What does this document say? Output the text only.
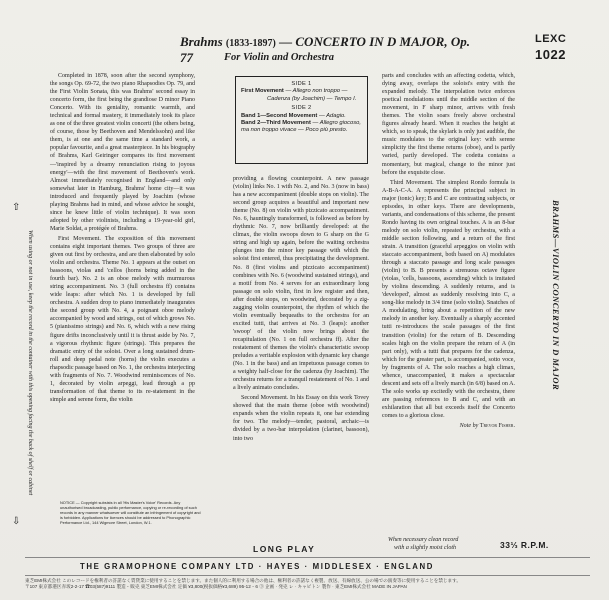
Brahms (1833-1897) — CONCERTO IN D MAJOR, Op. 77	For Violin and Orchestra
LEXC
1022
SIDE 1
First Movement — Allegro non troppo —
Cadenza (by Joachim) — Tempo I.
SIDE 2
Band 1—Second Movement — Adagio.
Band 2—Third Movement — Allegro giocoso, ma non troppo vivace — Poco più presto.

Completed in 1878, soon after the second symphony, the songs Op. 69-72, the two piano Rhapsodies Op. 79, and the First Violin Sonata, this was Brahms' second essay in concerto form, the first being the grandiose D minor Piano Concerto. With its geniality, romantic warmth, and technical and formal mastery, it immediately took its place as one of the three greatest violin concerti (the others being, of course, those by Beethoven and Mendelssohn) and like them, is at one and the same time a standard work, a popular favourite, and a great masterpiece. In his biography of Brahms, Karl Geiringer compares its first movement—'inspired by a dreamy renunciation rising to joyous energy'—with the first movement of Beethoven's work. Almost immediately recognised in England—and only somewhat later in Hamburg, Brahms' home city—it was introduced and frequently played by Joachim (whose playing Brahms had in mind, and whose advice he sought, since he knew little of violin technique). It was soon adopted by other violinists, including a 19-year-old girl, Marie Soldat, a protégée of Brahms.

First Movement. The exposition of this movement contains eight important themes. Two groups of three are given out first by orchestra, and are then elaborated by solo violin and orchestra. Theme No. 1 appears at the outset on bassoons, violas and 'cellos (horns being added in the fourth bar). No. 2 is an oboe melody with murmurous string accompaniment. No. 3 (full orchestra ff) contains wide leaps: after which No. 1 is developed by full orchestra. A sudden drop to piano immediately inaugurates the second group with No. 4, a poignant oboe melody accompanied by wood and strings, out of which grows No. 5 (pianissimo strings) and No. 6, which with a new rising figure drifts inconclusively until it is thrust aside by No. 7, a vigorous rhythmic figure (strings). This prepares the dramatic entry of the soloist. Over a long sustained drum-roll and deep pedal note (horns) the violin executes a rhapsodic passage based on No. 1, the orchestra interjecting with fragments of No. 7. Woodwind reminiscences of No. 1, decorated by violin arpeggi, lead through a pp transformation of that theme to its re-statement in the simple and serene form, the violin

providing a flowing counterpoint. A new passage (violin) links No. 1 with No. 2, and No. 3 (now in bass) has a new accompaniment (double stops on violin). The second group acquires a beautiful and important new theme (No. 8) on violin with pizzicato accompaniment. No. 6, hauntingly transformed, is followed as before by rhythmic No. 7, now brilliantly developed: at the climax, the violin swoops down to G sharp on the G string and high up again, before the waiting orchestra plunges into the minor key passage with which the soloist first entered, thus precipitating the development. No. 8 (first violins and pizzicato accompaniment) combines with No. 6 (woodwind sustained strings), and a motif from No. 4 serves for an extraordinary long passage on solo violin, first in low register and then, after double stops, on woodwind, decorated by a zig-zagging violin counterpoint, the rhythm of which the violin eventually bequeaths to the orchestra for an excited tutti, that arrives at No. 3 (leaps): another 'swoop' of the violin now brings about the recapitulation (No. 1 on full orchestra ff). After the restatement of themes the violin's characteristic swoop preludes a veritable explosion with dynamic key change (No. 1 in the bass) and an impetuous passage comes to a weighty half-close for the cadenza (by Joachim). The orchestra returns for a tranquil restatement of No. 1 and a lively animato concludes.

Second Movement. In his Essay on this work Tovey showed that the main theme (oboe with woodwind) expands when the violin repeats it, one bar extending for two. The melody—tender, pastoral, archaic—is divided by a two-bar interpolation (clarinet, bassoon), into two

parts and concludes with an affecting codetta, which, dying away, overlaps the soloist's entry with the expanded melody. The interpolation twice enforces poetical modulations until the middle section of the movement, in F sharp minor, arrives with fresh themes. The violin soars freely above orchestral figures already heard. When it reaches the height at which, so to speak, the skylark is only just audible, the music modulates to the original key: with serene simplicity the first theme returns (oboe), and is partly varied, partly developed. The codetta contains a momentary, but magical, change to the minor just before the exquisite close.

Third Movement. The simplest Rondo formula is A-B-A-C-A. A represents the principal subject in major (tonic) key; B and C are contrasting subjects, or episodes, in other keys. There are developments, variants, and condensations of this scheme, the present Rondo having its own original touches. A is an 8-bar melody on solo violin, repeated by orchestra, with a middle section following, and a return of the first strain. A transition (graceful arpeggios on violin with staccato accompaniment, both based on A) modulates through a staccato passage and long scale passages (violin) to B. B presents a strenuous octave figure (violas, 'cells, bassoons, ascending) which is imitated by violins descending. A suddenly returns, and is 'developed', almost as suddenly resolving into C, a song-like melody in 3/4 time (solo violin). Snatches of A modulating, bring about a repetition of the new melody in another key. Eventually a sharply accented tutti re-introduces the scale passages of the first transition (violin) for the return of B. Descending scales high on the violin prepare the return of A (in part only), with a tutti that prepares for the cadenza, which for the greater part, is accompanied, sotto voce, by fragments of A. The solo reaches a high climax, whence, unaccompanied, it makes a spectacular descent and sets off a lively march (in 6/8) based on A. The solo works up excitedly with the orchestra, there are passing references to B and C, and with an exhilaration that all but exceeds itself the Concerto comes to a glorious close.

Note by Trevor Fisher.
BRAHMS—VIOLIN CONCERTO IN D MAJOR
⇧
When using or not in use, keep the record in the container with this opening facing the back of shelf or cabinet
⇩
NOTICE — Copyright subsists in all 'His Master's Voice' Records. Any unauthorised broadcasting, public performance, copying or re-recording of such records in any manner whatsoever will constitute an infringement of copyright and is forbidden. Applications for licences should be addressed to Phonographic Performance Ltd., 144 Wigmore Street, London, W.1.
LONG PLAY
When necessary clean record
with a slightly moist cloth	33⅓ R.P.M.
THE GRAMOPHONE COMPANY LTD · HAYES · MIDDLESEX · ENGLAND
東芝EMI株式会社 このレコードを権利者の許諾なく賃貸業に使用することを禁じます。また個人的に利用する場合の他は、権利者の許諾なく複製、放送、有線放送、公の場での演奏等に使用することを禁じます。
〒107 東京都港区赤坂2-2-17 ☎03(587)9111 製造・販売 東芝EMI株式会社 定価 ¥3,800(税抜価格¥3,689) 95-12・6 ③ 企画 · 発売 レ · キャピトン 製作 · 東芝EMI株式会社 MADE IN JAPAN
